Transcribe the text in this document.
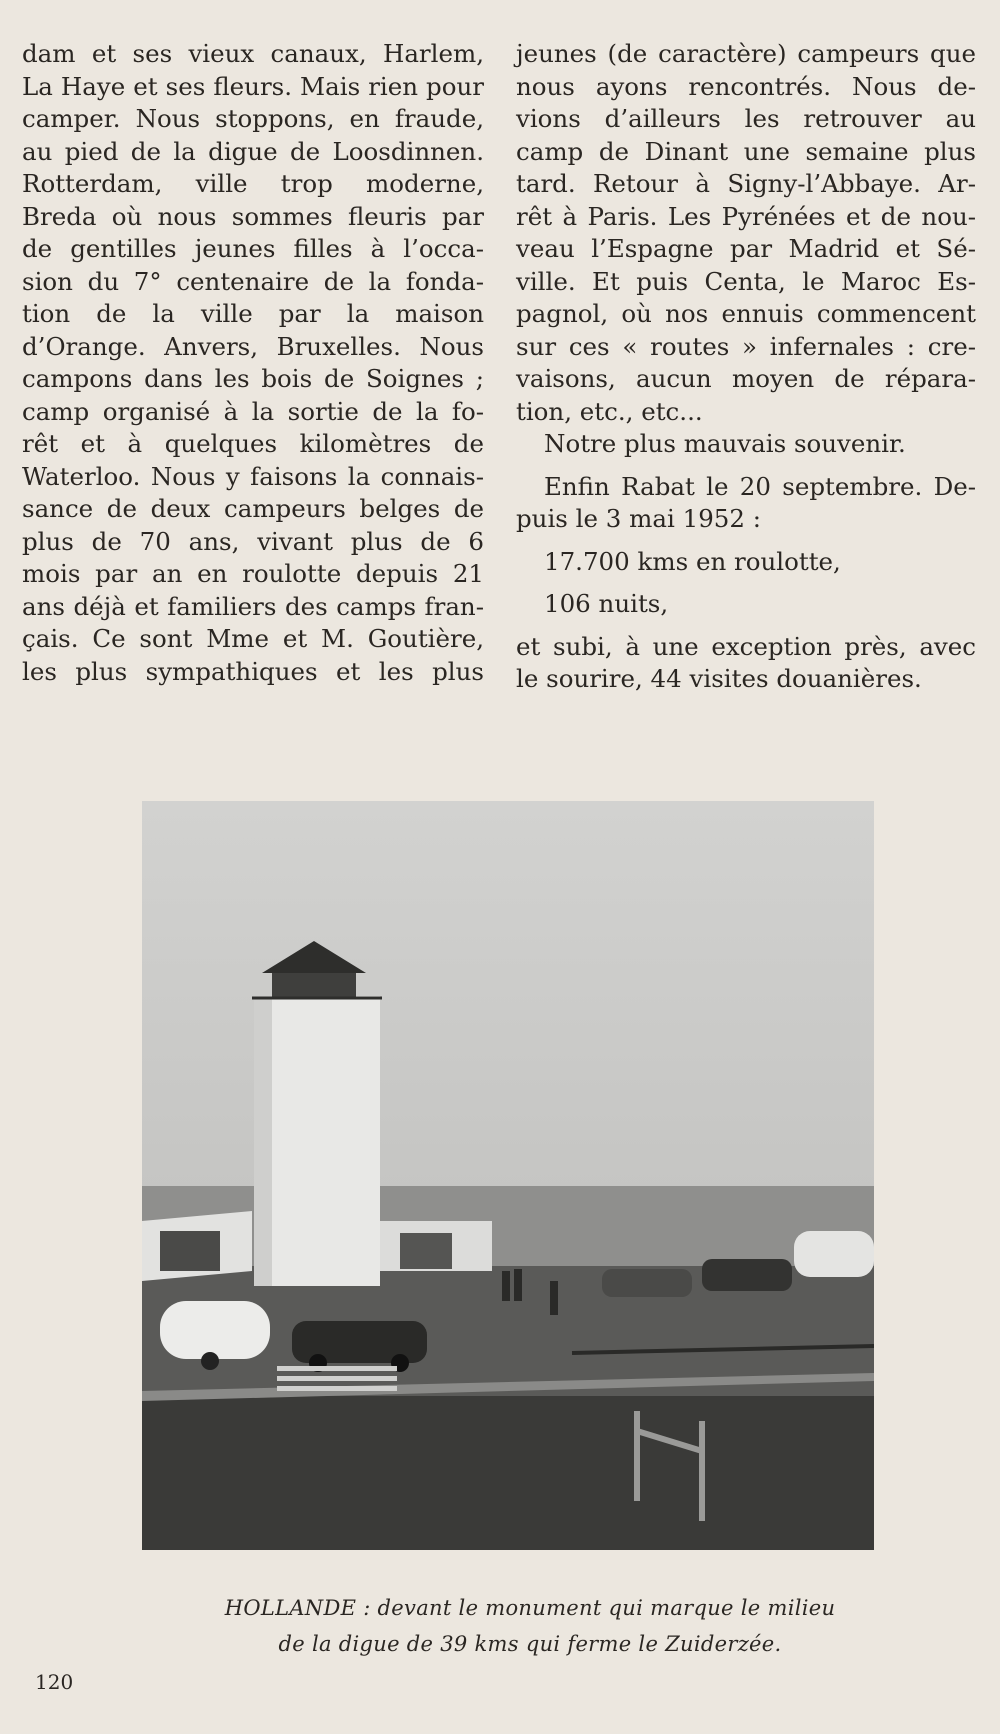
dam et ses vieux canaux, Harlem,
La Haye et ses fleurs. Mais rien pour
camper. Nous stoppons, en fraude,
au pied de la digue de Loosdinnen.
Rotterdam, ville trop moderne,
Breda où nous sommes fleuris par
de gentilles jeunes filles à l’occa-
sion du 7° centenaire de la fonda-
tion de la ville par la maison
d’Orange. Anvers, Bruxelles. Nous
campons dans les bois de Soignes ;
camp organisé à la sortie de la fo-
rêt et à quelques kilomètres de
Waterloo. Nous y faisons la connais-
sance de deux campeurs belges de
plus de 70 ans, vivant plus de 6
mois par an en roulotte depuis 21
ans déjà et familiers des camps fran-
çais. Ce sont Mme et M. Goutière,
les plus sympathiques et les plus
jeunes (de caractère) campeurs que
nous ayons rencontrés. Nous de-
vions d’ailleurs les retrouver au
camp de Dinant une semaine plus
tard. Retour à Signy-l’Abbaye. Ar-
rêt à Paris. Les Pyrénées et de nou-
veau l’Espagne par Madrid et Sé-
ville. Et puis Centa, le Maroc Es-
pagnol, où nos ennuis commencent
sur ces « routes » infernales : cre-
vaisons, aucun moyen de répara-
tion, etc., etc...
Notre plus mauvais souvenir.
Enfin Rabat le 20 septembre. De-
puis le 3 mai 1952 :
17.700 kms en roulotte,
106 nuits,
et subi, à une exception près, avec
le sourire, 44 visites douanières.
HOLLANDE : devant le monument qui marque le milieu
de la digue de 39 kms qui ferme le Zuiderzée.
120
